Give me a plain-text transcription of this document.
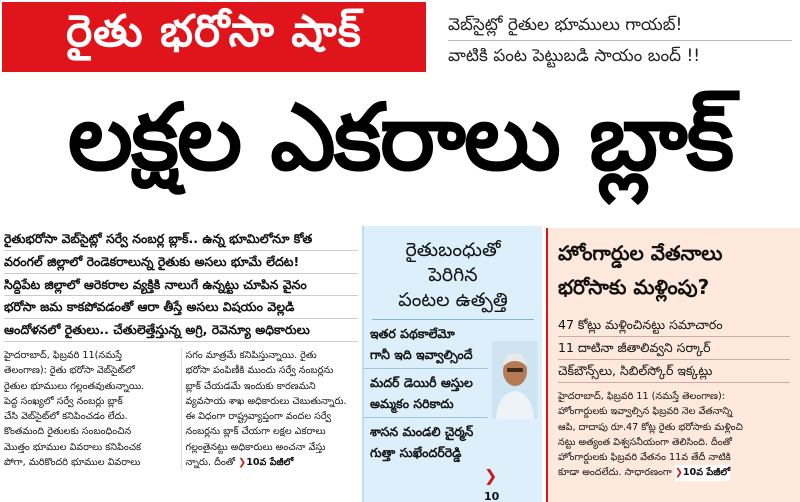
రైతు భరోసా షాక్	వెబ్‌సైట్లో రైతుల భూములు గాయబ్!
వాటికి పంట పెట్టుబడి సాయం బంద్ !!
లక్షల ఎకరాలు బ్లాక్
రైతుభరోసా వెబ్‌సైట్లో సర్వే నంబర్ల బ్లాక్.. ఉన్న భూమిలోనూ కోత
వరంగల్ జిల్లాలో రెండెకరాలున్న రైతుకు అసలు భూమే లేదట!
సిద్దిపేట జిల్లాలో ఆరెకరాల వ్యక్తికి నాలుగే ఉన్నట్టు చూపిన వైనం
భరోసా జమ కాకపోవడంతో ఆరా తీస్తే అసలు విషయం వెల్లడి
ఆందోళనలో రైతులు.. చేతులెత్తేస్తున్న అగ్రి, రెవెన్యూ అధికారులు
హైదరాబాద్, ఫిబ్రవరి 11(నమస్తే
తెలంగాణ): రైతు భరోసా వెబ్‌సైట్‌లో
రైతుల భూములు గల్లంతవుతున్నాయి.
పెద్ద సంఖ్యలో సర్వే నంబర్లు బ్లాక్
చేసి వెబ్‌సైట్‌లో కనిపించడం లేదు.
కొంతమంది రైతులకు సంబంధించిన
మొత్తం భూముల వివరాలు కనిపించక
పోగా, మరికొందరి భూముల వివరాలు
సగం మాత్రమే కనిపిస్తున్నాయి. రైతు
భరోసా పంపిణీకి ముందు సర్వే నంబర్లను
బ్లాక్ చేయడమే ఇందుకు కారణమని
వ్యవసాయ శాఖ అధికారులు చెబుతున్నారు.
ఈ విధంగా రాష్ట్రవ్యాప్తంగా వందల సర్వే
నంబర్లను బ్లాక్ చేయగా లక్షల ఎకరాలు
గల్లంతైనట్టు అధికారులు అంచనా వేస్తు
న్నారు. దీంతో ❯10వ పేజీలో
రైతుబంధుతో
పెరిగిన
పంటల ఉత్పత్తి
ఇతర పథకాలేమో
గానీ ఇది ఇవ్వాల్సిందే
మదర్ డెయిరీ ఆస్తుల
అమ్మకం సరికాదు
శాసన మండలి చైర్మన్
గుత్తా సుఖేందర్‌రెడ్డి
❯10
హోంగార్డుల వేతనాలు
భరోసాకు మళ్లింపు?
47 కోట్లు మళ్లించినట్టు సమాచారం
11 దాటినా జీతాలివ్వని సర్కార్
చెక్‌బౌన్స్‌లు, సిబిల్‌స్కోర్ ఇక్కట్లు
హైదరాబాద్, ఫిబ్రవరి 11 (నమస్తే తెలంగాణ):
హోంగార్డులకు ఇవ్వాల్సిన ఫిబ్రవరి నెల వేతనాన్ని
ఆపి, దాదాపు రూ.47 కోట్ల రైతు భరోసాకు మళ్లించి
నట్టు అత్యంత విశ్వసనీయంగా తెలిసింది. దీంతో
హోంగార్డులకు ఫిబ్రవరి వేతనం 11వ తేదీ నాటికి
కూడా అందలేదు. సాధారణంగా ❯10వ పేజీలో
